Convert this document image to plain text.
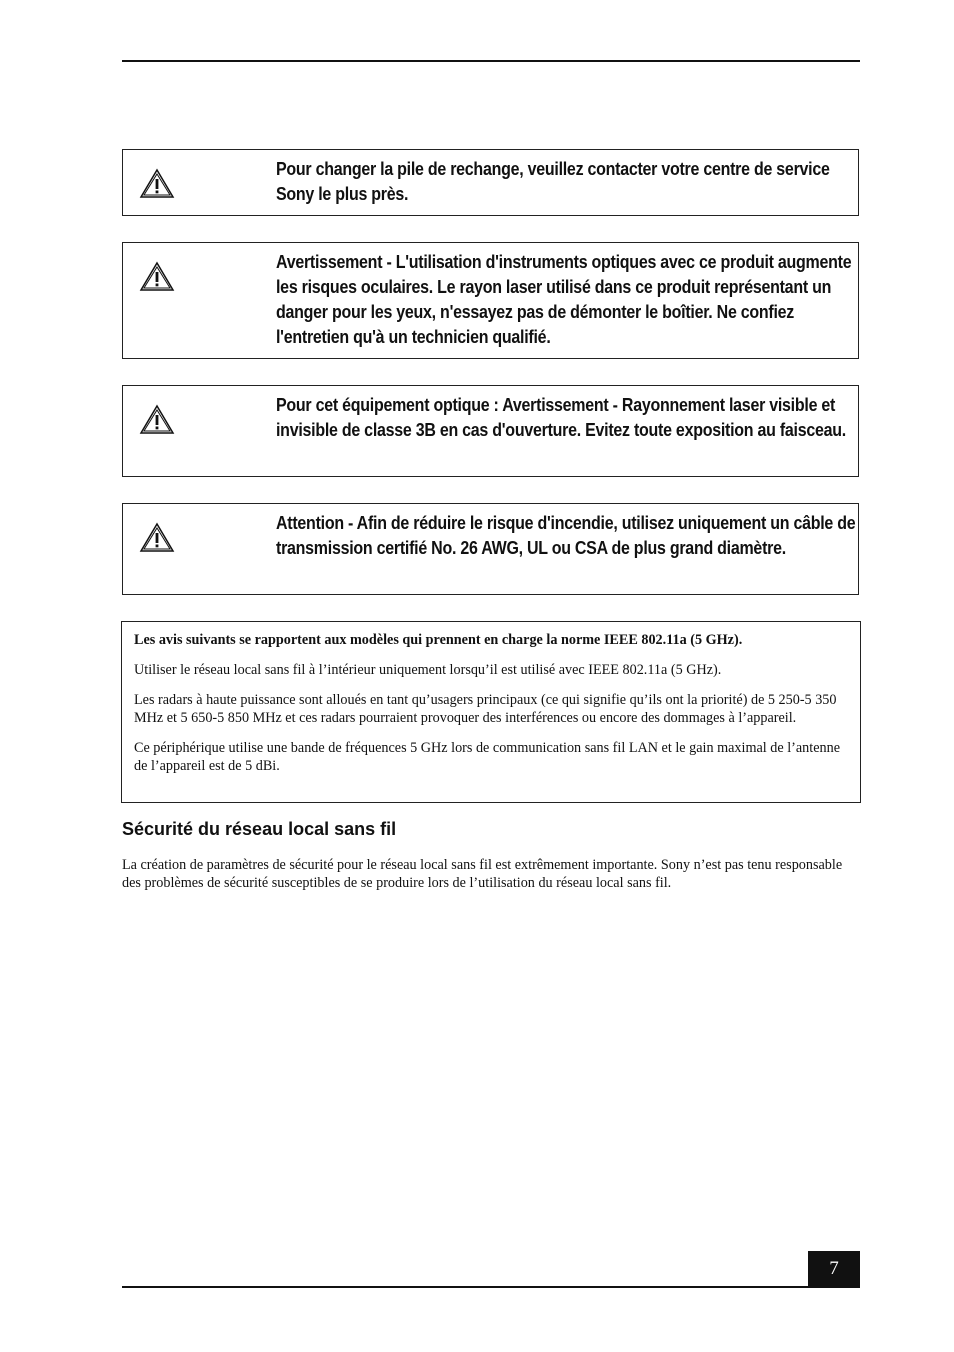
Pour changer la pile de rechange, veuillez contacter votre centre de service Sony le plus près.
Avertissement - L'utilisation d'instruments optiques avec ce produit augmente les risques oculaires. Le rayon laser utilisé dans ce produit représentant un danger pour les yeux, n'essayez pas de démonter le boîtier. Ne confiez l'entretien qu'à un technicien qualifié.
Pour cet équipement optique : Avertissement - Rayonnement laser visible et invisible de classe 3B en cas d'ouverture. Evitez toute exposition au faisceau.
Attention - Afin de réduire le risque d'incendie, utilisez uniquement un câble de transmission certifié No. 26 AWG, UL ou CSA de plus grand diamètre.

Les avis suivants se rapportent aux modèles qui prennent en charge la norme IEEE 802.11a (5 GHz).

Utiliser le réseau local sans fil à l’intérieur uniquement lorsqu’il est utilisé avec IEEE 802.11a (5 GHz).

Les radars à haute puissance sont alloués en tant qu’usagers principaux (ce qui signifie qu’ils ont la priorité) de 5 250-5 350 MHz et 5 650-5 850 MHz et ces radars pourraient provoquer des interférences ou encore des dommages à l’appareil.

Ce périphérique utilise une bande de fréquences 5 GHz lors de communication sans fil LAN et le gain maximal de l’antenne de l’appareil est de 5 dBi.

Sécurité du réseau local sans fil
La création de paramètres de sécurité pour le réseau local sans fil est extrêmement importante. Sony n’est pas tenu responsable des problèmes de sécurité susceptibles de se produire lors de l’utilisation du réseau local sans fil.
7
